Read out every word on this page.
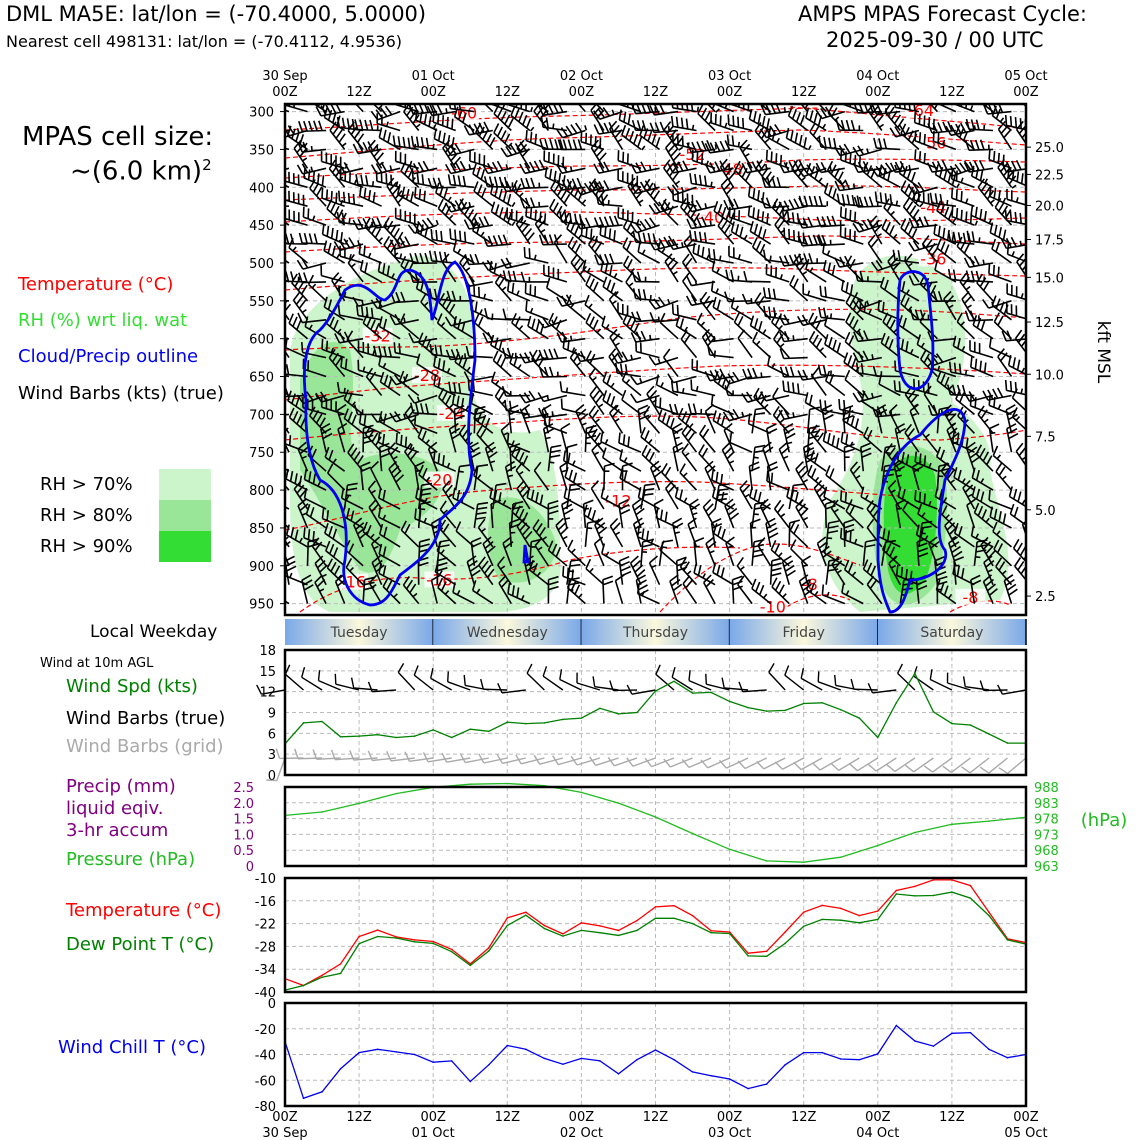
DML MA5E: lat/lon = (-70.4000, 5.0000)
Nearest cell 498131: lat/lon = (-70.4112, 4.9536)
AMPS MPAS Forecast Cycle:
2025-09-30 / 00 UTC
MPAS cell size:
~(6.0 km)$^2$
Temperature (°C)
RH (%) wrt liq. wat
Cloud/Precip outline
Wind Barbs (kts) (true)
RH > 70%
RH > 80%
RH > 90%
Local Weekday
Wind at 10m AGL
Wind Spd (kts)
Wind Barbs (true)
Wind Barbs (grid)
Precip (mm)
liquid eqiv.
3-hr accum
Pressure (hPa)
Temperature (°C)
Dew Point T (°C)
Wind Chill T (°C)
-60	-64
-56
-52
-48
-44
-40
-36
-32
-28
-24
-20
-16	-16
-12
-8
-8
-10
30 Sep
00Z	12Z
01 Oct
00Z	12Z
02 Oct
00Z	12Z
03 Oct
00Z	12Z
04 Oct
00Z	12Z
05 Oct
00Z
300
350
400
450
500
550
600
650
700
750
800
850
900
950
25.0
22.5
20.0
17.5
15.0
12.5
10.0
7.5
5.0
2.5
kft MSL
Tuesday	Wednesday	Thursday	Friday	Saturday
0
3
6
9
12
15
18
963
968
973
978
983
988
0
0.5
1.0
1.5
2.0
2.5
(hPa)
-40
-34
-28
-22
-16
-10
-80
-60
-40
-20
0
00Z
30 Sep
12Z	00Z
01 Oct
12Z	00Z
02 Oct
12Z	00Z
03 Oct
12Z	00Z
04 Oct
12Z	00Z
05 Oct
